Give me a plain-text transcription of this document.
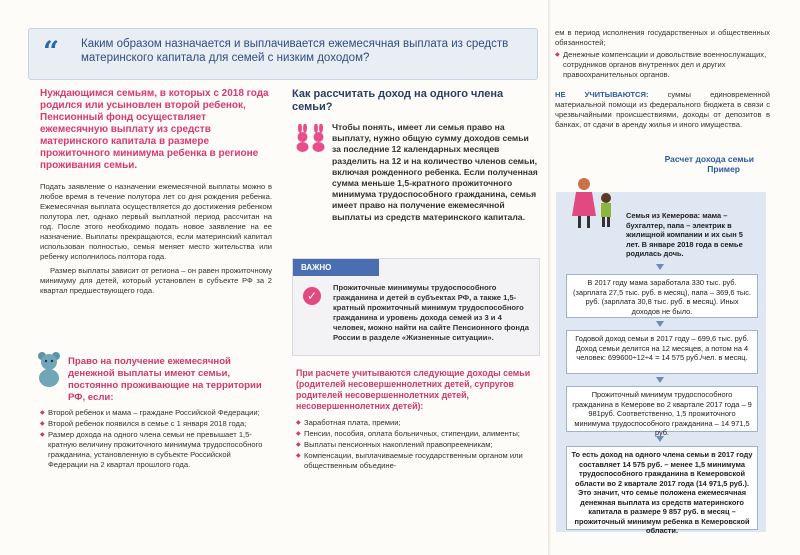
“ Каким образом назначается и выплачивается ежемесячная выплата из средств материнского капитала для семей с низким доходом?
Нуждающимся семьям, в которых с 2018 года родился или усыновлен второй ребенок, Пенсионный фонд осуществляет ежемесячную выплату из средств материнского капитала в размере прожиточного минимума ребенка в регионе проживания семьи.
Подать заявление о назначении ежемесячной выплаты можно в любое время в течение полутора лет со дня рождения ребенка. Ежемесячная выплата осуществляется до достижения ребенком полутора лет, однако первый выплатной период рассчитан на год. После этого необходимо подать новое заявление на ее назначение. Выплаты прекращаются, если материнский капитал использован полностью, семья меняет место жительства или ребенку исполнилось полтора года.
Размер выплаты зависит от региона – он равен прожиточному минимуму для детей, который установлен в субъекте РФ за 2 квартал предшествующего года.
Право на получение ежемесячной денежной выплаты имеют семьи, постоянно проживающие на территории РФ, если:
◆ Второй ребенок и мама – граждане Российской Федерации;
◆ Второй ребенок появился в семье с 1 января 2018 года;
◆ Размер дохода на одного члена семьи не превышает 1,5-кратную величину прожиточного минимума трудоспособного гражданина, установленную в субъекте Российской Федерации на 2 квартал прошлого года.
Как рассчитать доход на одного члена семьи?
Чтобы понять, имеет ли семья право на выплату, нужно общую сумму доходов семьи за последние 12 календарных месяцев разделить на 12 и на количество членов семьи, включая рожденного ребенка. Если полученная сумма меньше 1,5-кратного прожиточного минимума трудоспособного гражданина, семья имеет право на получение ежемесячной выплаты из средств материнского капитала.
ВАЖНО
✓
Прожиточные минимумы трудоспособного гражданина и детей в субъектах РФ, а также 1,5-кратный прожиточный минимум трудоспособного гражданина и уровень дохода семей из 3 и 4 человек, можно найти на сайте Пенсионного фонда России в разделе «Жизненные ситуации».
При расчете учитываются следующие доходы семьи (родителей несовершеннолетних детей, супругов родителей несовершеннолетних детей, несовершеннолетних детей):
◆ Заработная плата, премии;
◆ Пенсии, пособия, оплата больничных, стипендии, алименты;
◆ Выплаты пенсионных накоплений правопреемникам;
◆ Компенсации, выплачиваемые государственным органом или общественным объедине-
ем в период исполнения государственных и общественных обязанностей;
◆ Денежные компенсации и довольствие военнослужащих, сотрудников органов внутренних дел и других правоохранительных органов.
НЕ УЧИТЫВАЮТСЯ:	суммы единовременной материальной помощи из федерального бюджета в связи с чрезвычайными происшествиями, доходы от депозитов в банках, от сдачи в аренду жилья и иного имущества.
Расчет дохода семьи
Пример
Семья из Кемерова: мама – бухгалтер, папа – электрик в жилищной компании и их сын 5 лет. В январе 2018 года в семье родилась дочь.
В 2017 году мама заработала 330 тыс. руб. (зарплата 27,5 тыс. руб. в месяц), папа – 369,6 тыс. руб. (зарплата 30,8 тыс. руб. в месяц). Иных доходов не было.
Годовой доход семьи в 2017 году – 699,6 тыс. руб. Доход семьи делится на 12 месяцев, а потом на 4 человек: 699600÷12÷4 = 14 575 руб./чел. в месяц.
Прожиточный минимум трудоспособного гражданина в Кемерове во 2 квартале 2017 года – 9 981руб. Соответственно, 1,5 прожиточного минимума трудоспособного гражданина – 14 971,5 руб.
То есть доход на одного члена семьи в 2017 году составляет 14 575 руб. – менее 1,5 минимума трудоспособного гражданина в Кемеровской области во 2 квартале 2017 года (14 971,5 руб.). Это значит, что семье положена ежемесячная денежная выплата из средств материнского капитала в размере 9 857 руб. в месяц – прожиточный минимум ребенка в Кемеровской области.
